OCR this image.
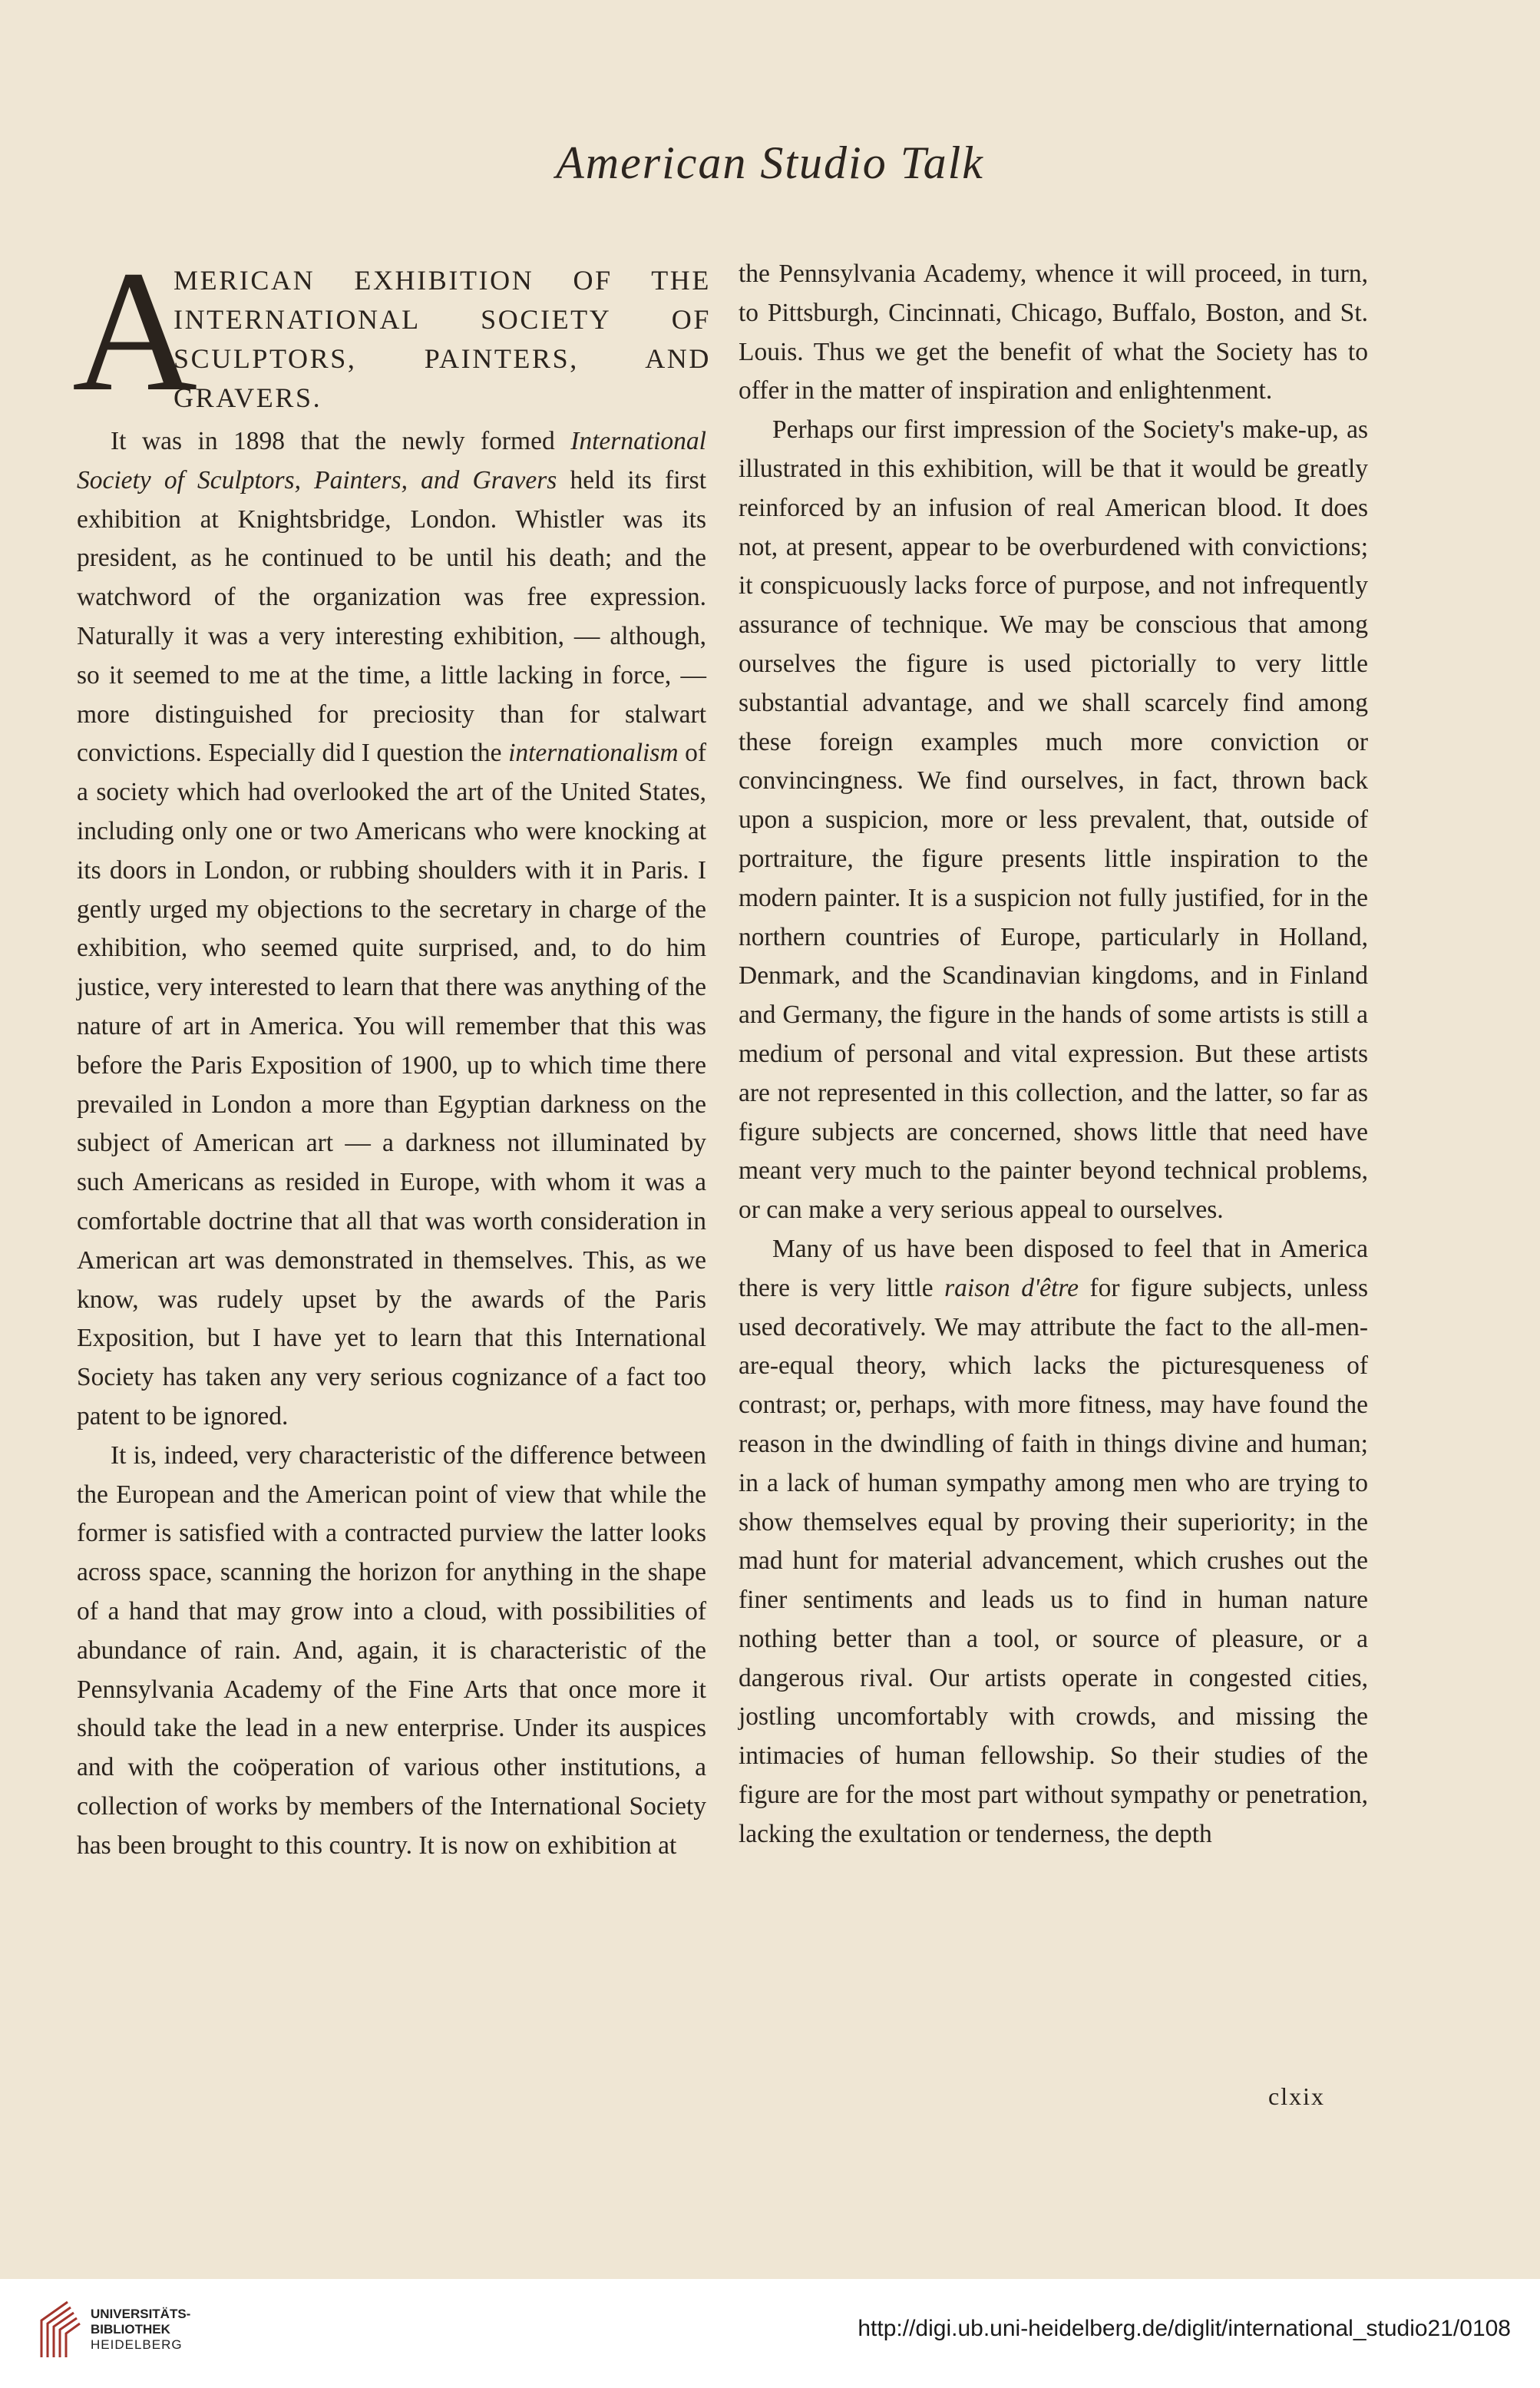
American Studio Talk
A
MERICAN EXHIBITION OF THE INTERNATIONAL SOCIETY OF SCULPTORS, PAINTERS, AND GRAVERS.

It was in 1898 that the newly formed International Society of Sculptors, Painters, and Gravers held its first exhibition at Knightsbridge, London. Whistler was its president, as he continued to be until his death; and the watchword of the organization was free expression. Naturally it was a very interesting exhibition, — although, so it seemed to me at the time, a little lacking in force, — more distinguished for preciosity than for stalwart convictions. Especially did I question the internationalism of a society which had overlooked the art of the United States, including only one or two Americans who were knocking at its doors in London, or rubbing shoulders with it in Paris. I gently urged my objections to the secretary in charge of the exhibition, who seemed quite surprised, and, to do him justice, very interested to learn that there was anything of the nature of art in America. You will remember that this was before the Paris Exposition of 1900, up to which time there prevailed in London a more than Egyptian darkness on the subject of American art — a darkness not illuminated by such Americans as resided in Europe, with whom it was a comfortable doctrine that all that was worth consideration in American art was demonstrated in themselves. This, as we know, was rudely upset by the awards of the Paris Exposition, but I have yet to learn that this International Society has taken any very serious cognizance of a fact too patent to be ignored.

It is, indeed, very characteristic of the difference between the European and the American point of view that while the former is satisfied with a contracted purview the latter looks across space, scanning the horizon for anything in the shape of a hand that may grow into a cloud, with possibilities of abundance of rain. And, again, it is characteristic of the Pennsylvania Academy of the Fine Arts that once more it should take the lead in a new enterprise. Under its auspices and with the coöperation of various other institutions, a collection of works by members of the International Society has been brought to this country. It is now on exhibition at

the Pennsylvania Academy, whence it will proceed, in turn, to Pittsburgh, Cincinnati, Chicago, Buffalo, Boston, and St. Louis. Thus we get the benefit of what the Society has to offer in the matter of inspiration and enlightenment.

Perhaps our first impression of the Society's make-up, as illustrated in this exhibition, will be that it would be greatly reinforced by an infusion of real American blood. It does not, at present, appear to be overburdened with convictions; it conspicuously lacks force of purpose, and not infrequently assurance of technique. We may be conscious that among ourselves the figure is used pictorially to very little substantial advantage, and we shall scarcely find among these foreign examples much more conviction or convincingness. We find ourselves, in fact, thrown back upon a suspicion, more or less prevalent, that, outside of portraiture, the figure presents little inspiration to the modern painter. It is a suspicion not fully justified, for in the northern countries of Europe, particularly in Holland, Denmark, and the Scandinavian kingdoms, and in Finland and Germany, the figure in the hands of some artists is still a medium of personal and vital expression. But these artists are not represented in this collection, and the latter, so far as figure subjects are concerned, shows little that need have meant very much to the painter beyond technical problems, or can make a very serious appeal to ourselves.

Many of us have been disposed to feel that in America there is very little raison d'être for figure subjects, unless used decoratively. We may attribute the fact to the all-men-are-equal theory, which lacks the picturesqueness of contrast; or, perhaps, with more fitness, may have found the reason in the dwindling of faith in things divine and human; in a lack of human sympathy among men who are trying to show themselves equal by proving their superiority; in the mad hunt for material advancement, which crushes out the finer sentiments and leads us to find in human nature nothing better than a tool, or source of pleasure, or a dangerous rival. Our artists operate in congested cities, jostling uncomfortably with crowds, and missing the intimacies of human fellowship. So their studies of the figure are for the most part without sympathy or penetration, lacking the exultation or tenderness, the depth

clxix
UNIVERSITÄTS-
BIBLIOTHEK
HEIDELBERG
http://digi.ub.uni-heidelberg.de/diglit/international_studio21/0108
